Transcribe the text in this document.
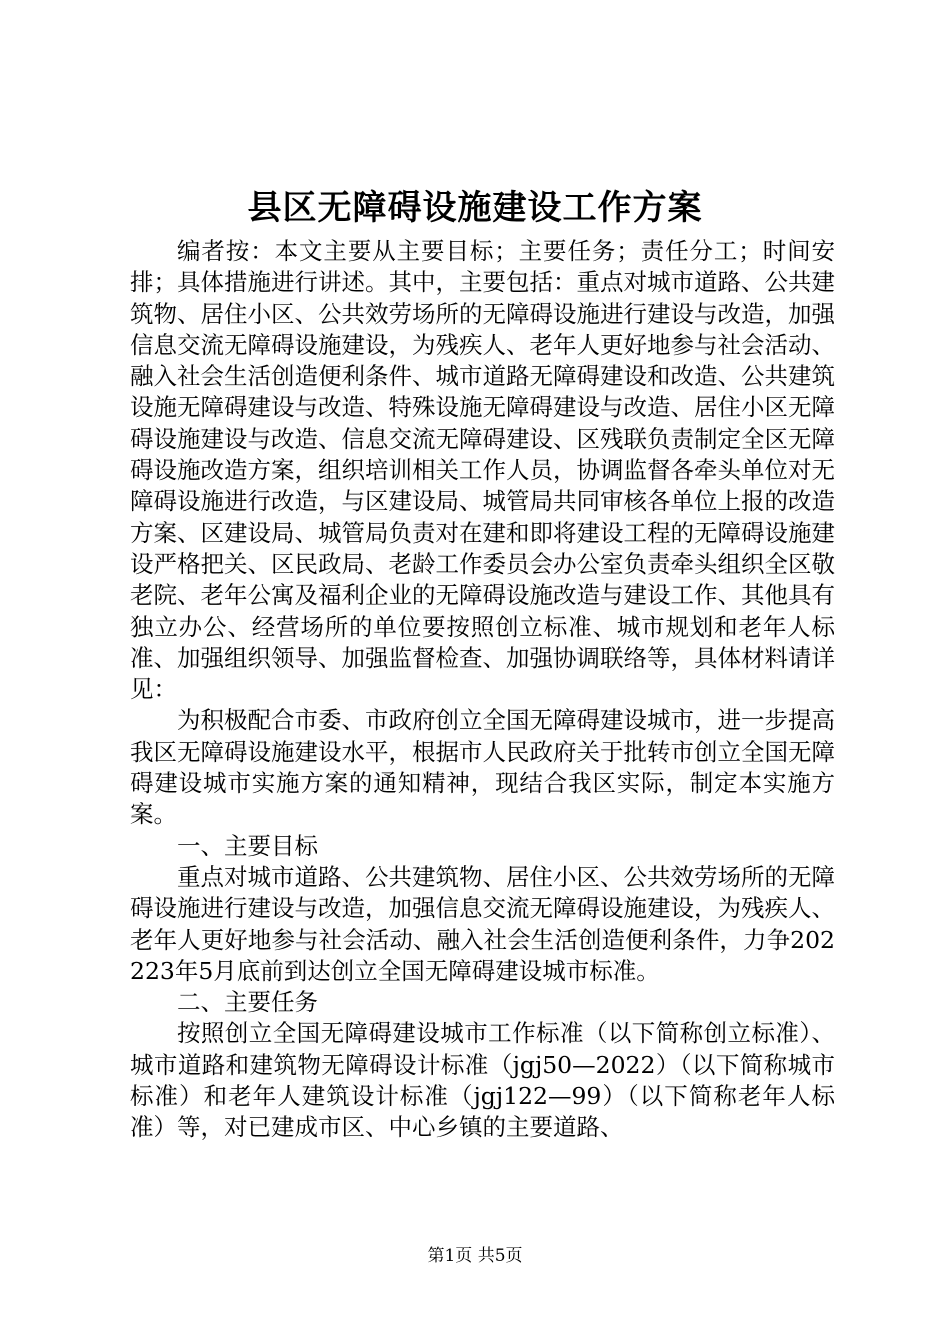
县区无障碍设施建设工作方案

编者按：本文主要从主要目标；主要任务；责任分工；时间安排；具体措施进行讲述。其中，主要包括：重点对城市道路、公共建筑物、居住小区、公共效劳场所的无障碍设施进行建设与改造，加强信息交流无障碍设施建设，为残疾人、老年人更好地参与社会活动、融入社会生活创造便利条件、城市道路无障碍建设和改造、公共建筑设施无障碍建设与改造、特殊设施无障碍建设与改造、居住小区无障碍设施建设与改造、信息交流无障碍建设、区残联负责制定全区无障碍设施改造方案，组织培训相关工作人员，协调监督各牵头单位对无障碍设施进行改造，与区建设局、城管局共同审核各单位上报的改造方案、区建设局、城管局负责对在建和即将建设工程的无障碍设施建设严格把关、区民政局、老龄工作委员会办公室负责牵头组织全区敬老院、老年公寓及福利企业的无障碍设施改造与建设工作、其他具有独立办公、经营场所的单位要按照创立标准、城市规划和老年人标准、加强组织领导、加强监督检查、加强协调联络等，具体材料请详见：

为积极配合市委、市政府创立全国无障碍建设城市，进一步提高我区无障碍设施建设水平，根据市人民政府关于批转市创立全国无障碍建设城市实施方案的通知精神，现结合我区实际，制定本实施方案。

一、主要目标

重点对城市道路、公共建筑物、居住小区、公共效劳场所的无障碍设施进行建设与改造，加强信息交流无障碍设施建设，为残疾人、老年人更好地参与社会活动、融入社会生活创造便利条件，力争202223年5月底前到达创立全国无障碍建设城市标准。

二、主要任务

按照创立全国无障碍建设城市工作标准（以下简称创立标准）、城市道路和建筑物无障碍设计标准（jgj50—2022）（以下简称城市标准）和老年人建筑设计标准（jgj122—99）（以下简称老年人标准）等，对已建成市区、中心乡镇的主要道路、

第1页 共5页
